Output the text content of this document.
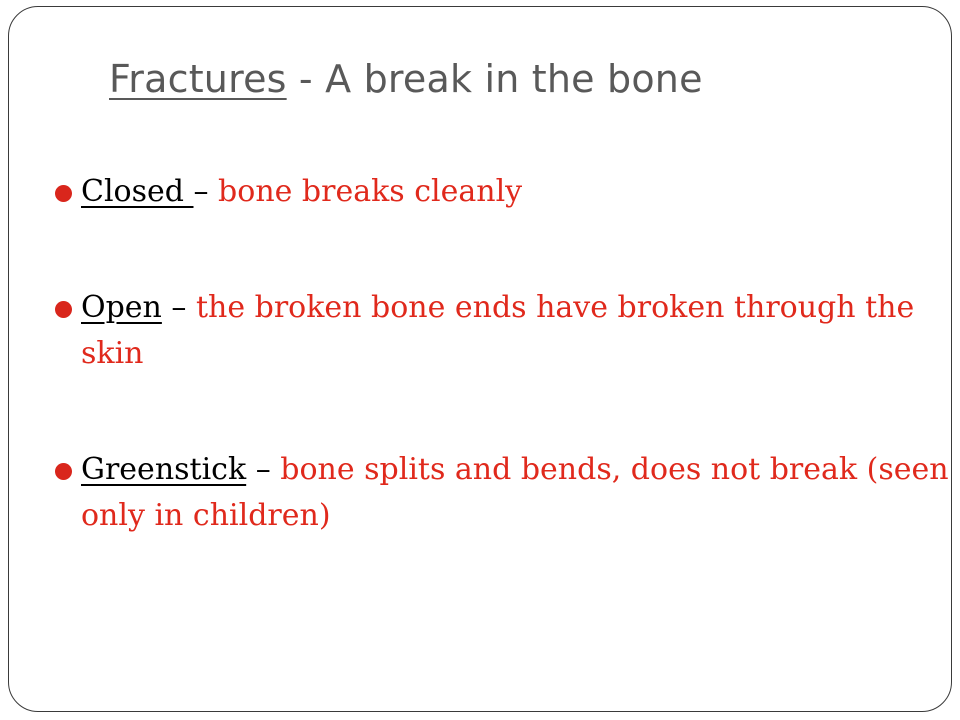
Fractures - A break in the bone
Closed – bone breaks cleanly
Open – the broken bone ends have broken through the skin
Greenstick – bone splits and bends, does not break (seen only in children)
